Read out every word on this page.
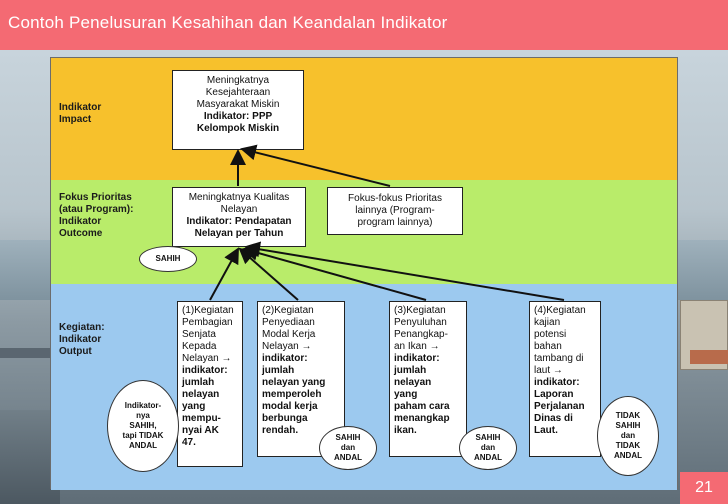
Contoh Penelusuran Kesahihan dan Keandalan Indikator
Indikator
Impact
Fokus Prioritas
(atau Program):
Indikator
Outcome
Kegiatan:
Indikator
Output
Meningkatnya
Kesejahteraan
Masyarakat Miskin
Indikator: PPP
Kelompok Miskin
Meningkatnya Kualitas
Nelayan
Indikator: Pendapatan
Nelayan per Tahun
Fokus-fokus Prioritas
lainnya (Program-
program lainnya)
(1)Kegiatan
Pembagian
Senjata
Kepada
Nelayan →
indikator:
jumlah
nelayan
yang
mempu-
nyai AK
47.
(2)Kegiatan
Penyediaan
Modal Kerja
Nelayan →
indikator:
jumlah
nelayan yang
memperoleh
modal kerja
berbunga
rendah.
(3)Kegiatan
Penyuluhan
Penangkap-
an Ikan →
indikator:
jumlah
nelayan
yang
paham cara
menangkap
ikan.
(4)Kegiatan
kajian
potensi
bahan
tambang di
laut →
indikator:
Laporan
Perjalanan
Dinas di
Laut.
SAHIH
Indikator-
nya
SAHIH,
tapi TIDAK
ANDAL
SAHIH
dan
ANDAL
SAHIH
dan
ANDAL
TIDAK
SAHIH
dan
TIDAK
ANDAL
21
